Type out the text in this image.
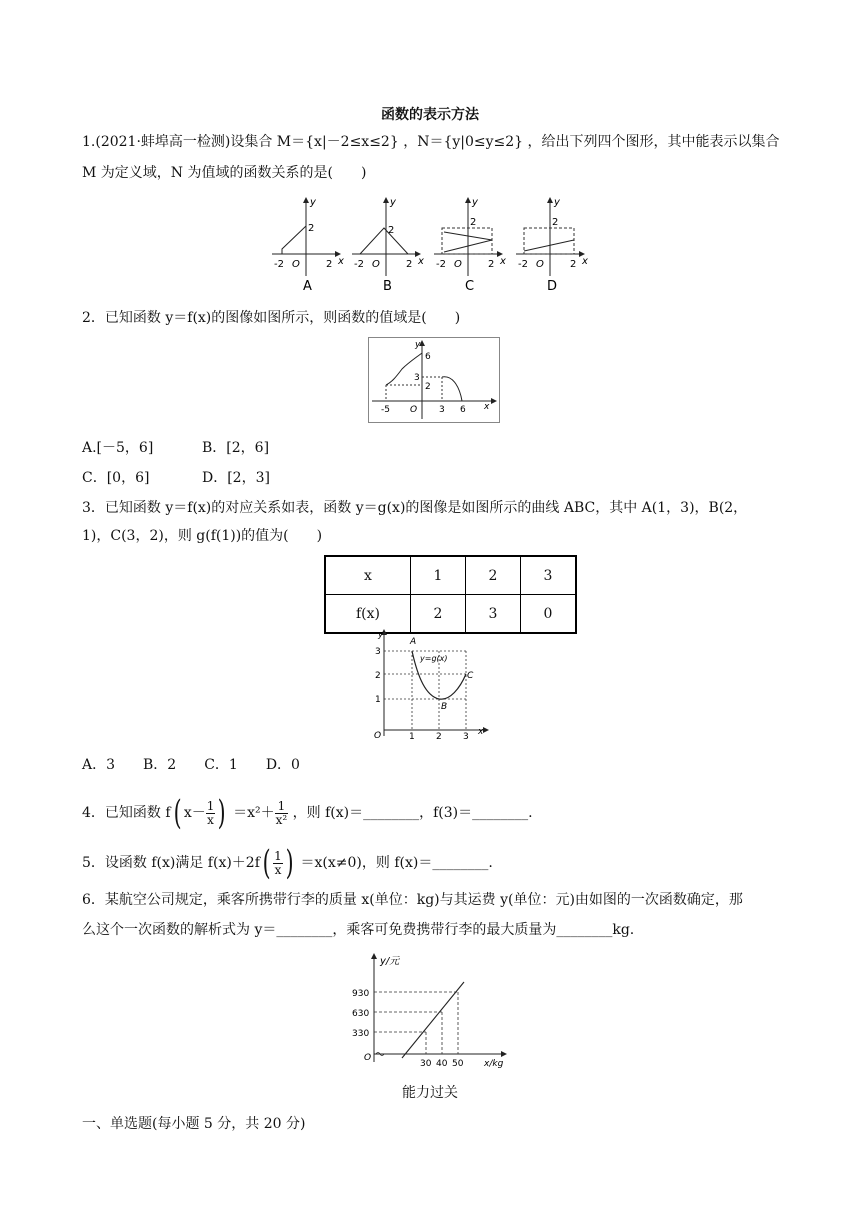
函数的表示方法
1.(2021·蚌埠高一检测)设集合 M＝{x|－2≤x≤2} ，N＝{y|0≤y≤2} ，给出下列四个图形，其中能表示以集合
M 为定义域，N 为值域的函数关系的是(　　)
-2 O	2
2
x
y
A
-2 O	2
2
x
y
B
-2 O	2
2
x
y
C
-2 O	2
2
x
y
D
2．已知函数 y＝f(x)的图像如图所示，则函数的值域是(　　)
-5 O 3 6
2
3
6
x
y
A.[－5，6]	B．[2，6]
C．[0，6]	D．[2，3]
3．已知函数 y＝f(x)的对应关系如表，函数 y＝g(x)的图像是如图所示的曲线 ABC，其中 A(1，3)，B(2，
1)，C(3，2)，则 g(f(1))的值为(　　)
x	1	2	3
f(x)	2	3	0
A
B
C
y=g(x)
3
2
1
1 2 3
O	x
y
A．3　　B．2　　C．1　　D．0
4．已知函数 f( $x- \frac{1}{x}$ ) $=x^2+ \frac{1}{\text{x²}}$ ，则 f(x)＝________，f(3)＝________.
5．设函数 f(x)满足 $f(x)+2f( \frac{1}{x}$ ) ＝x(x≠0)，则 f(x)＝________.
6．某航空公司规定，乘客所携带行李的质量 x(单位：kg)与其运费 y(单位：元)由如图的一次函数确定，那
么这个一次函数的解析式为 y＝________，乘客可免费携带行李的最大质量为________kg.
y/元
x/kg
O
930
630
330
30 40 50
能力过关
一、单选题(每小题 5 分，共 20 分)
